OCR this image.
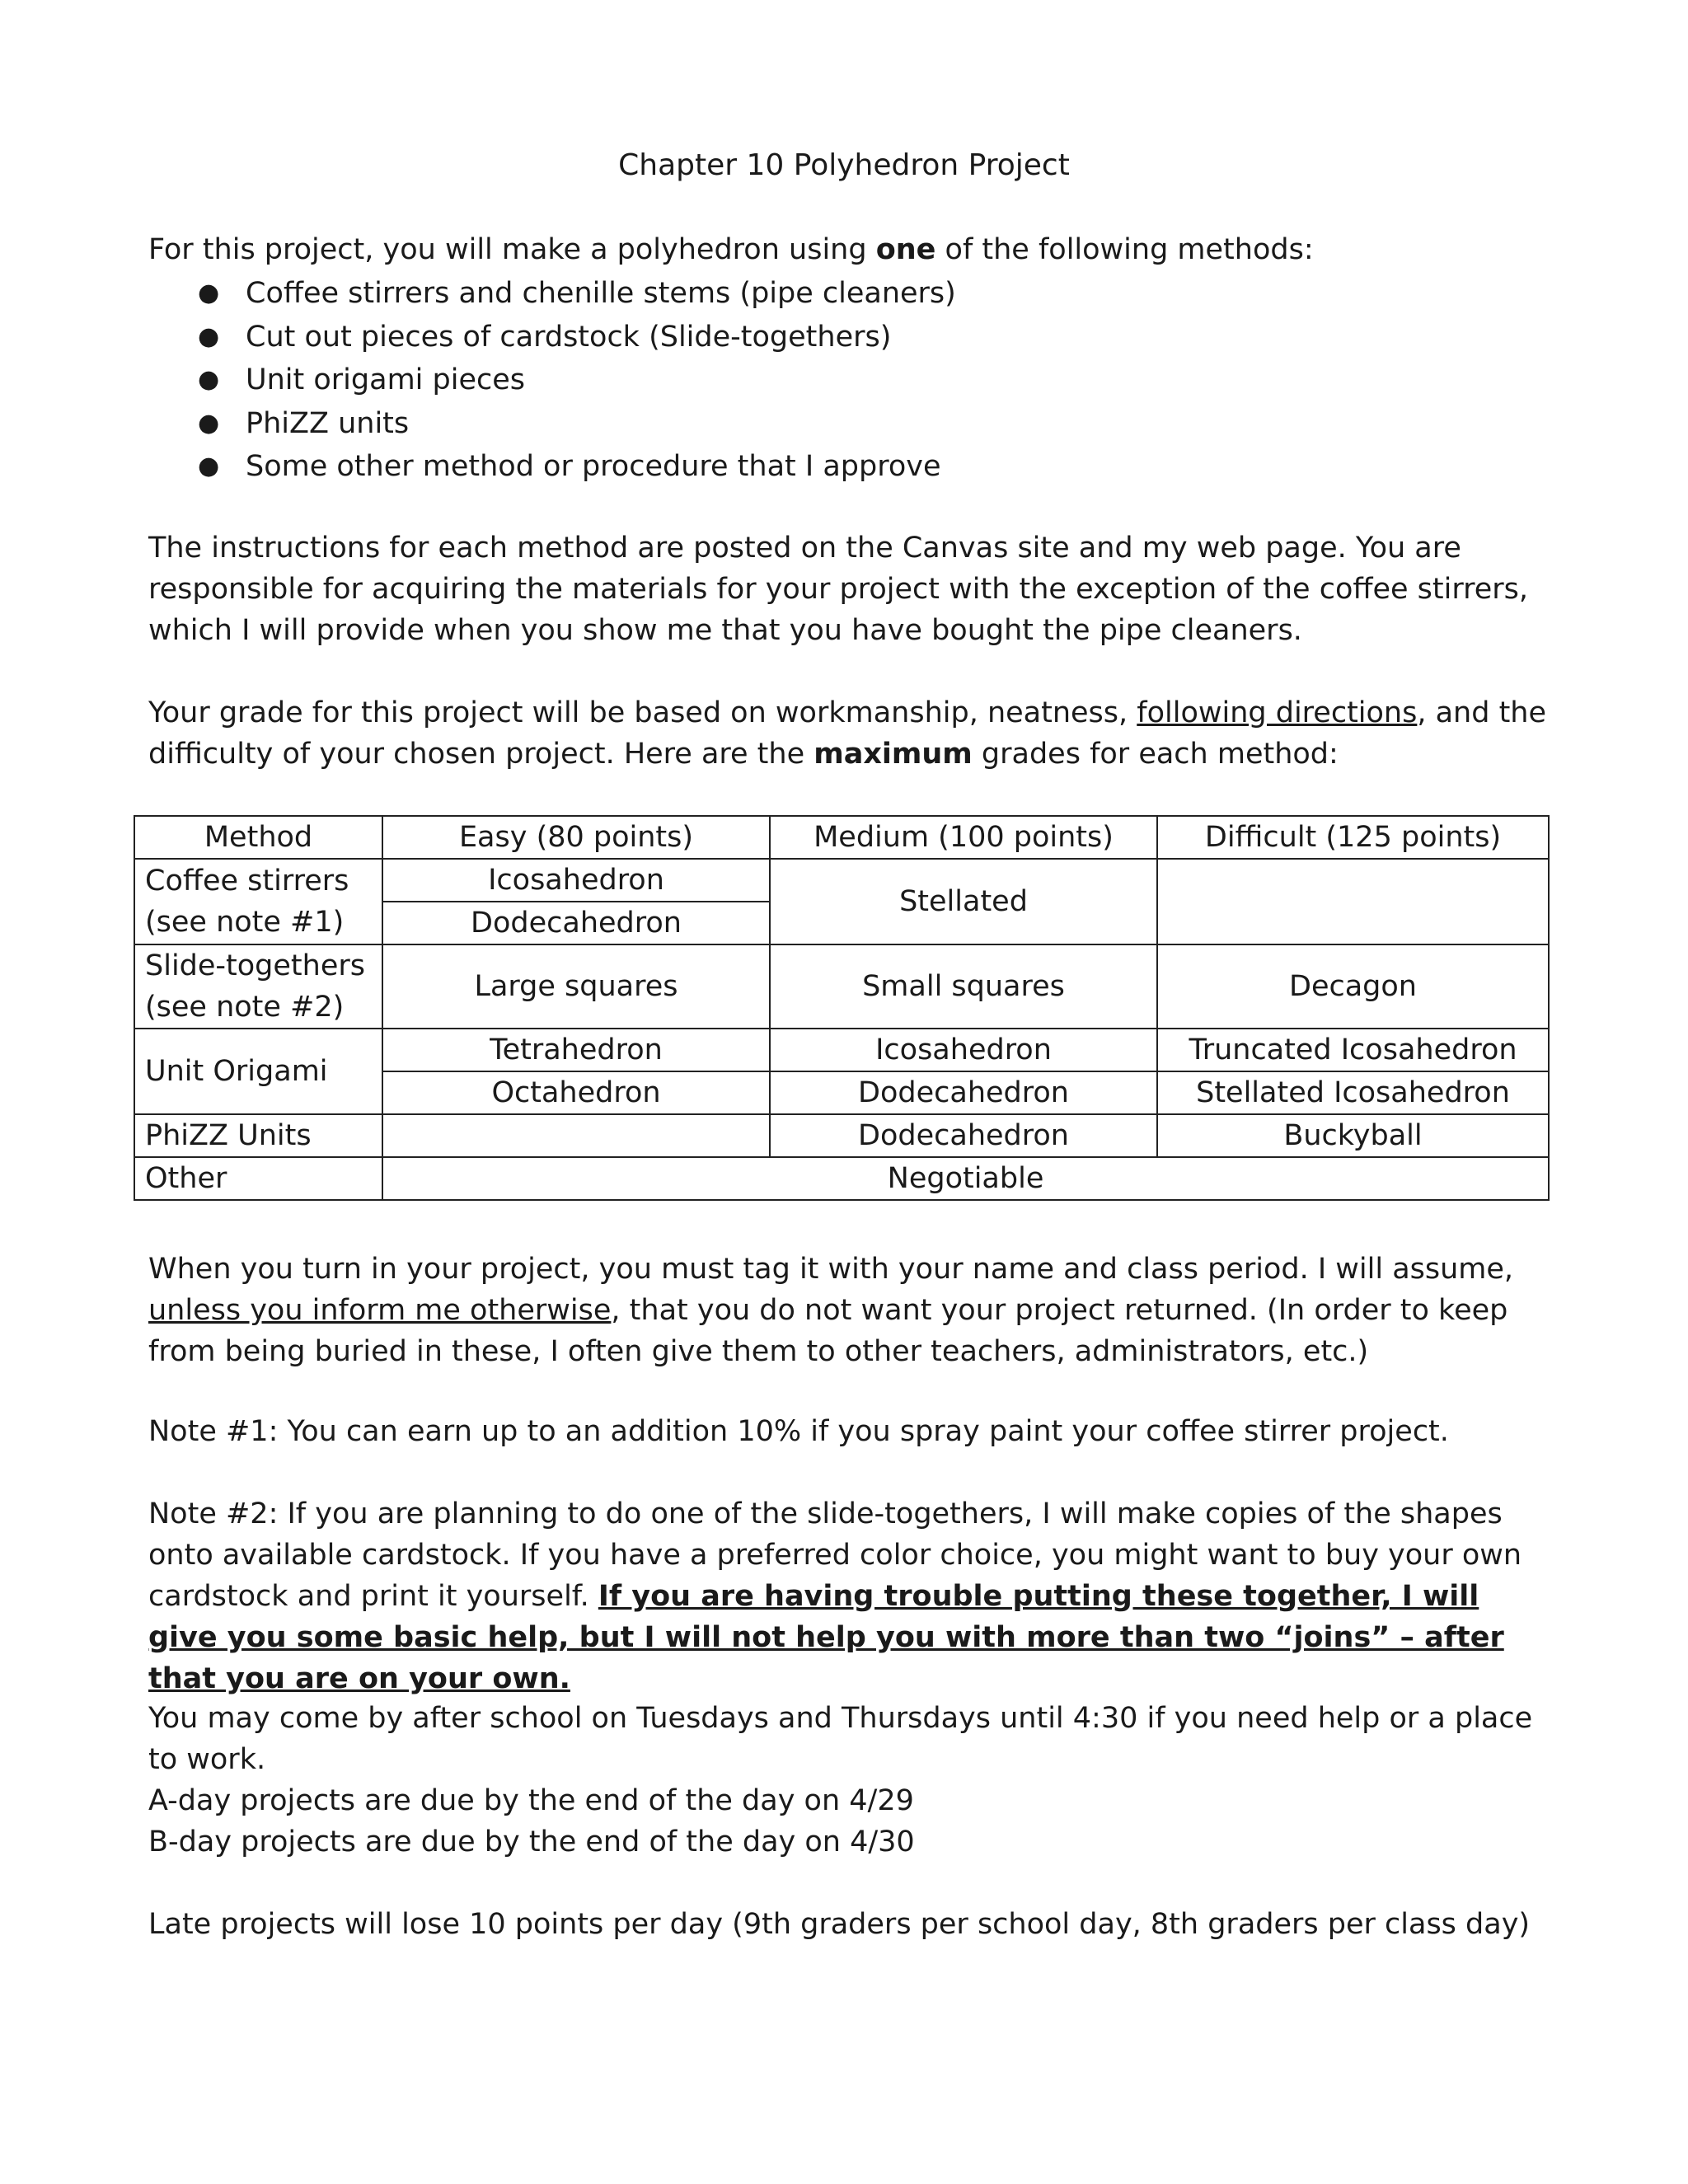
Chapter 10 Polyhedron Project
For this project, you will make a polyhedron using one of the following methods:
● Coffee stirrers and chenille stems (pipe cleaners)
● Cut out pieces of cardstock (Slide-togethers)
● Unit origami pieces
● PhiZZ units
● Some other method or procedure that I approve
The instructions for each method are posted on the Canvas site and my web page. You are responsible for acquiring the materials for your project with the exception of the coffee stirrers, which I will provide when you show me that you have bought the pipe cleaners.
Your grade for this project will be based on workmanship, neatness, following directions, and the difficulty of your chosen project. Here are the maximum grades for each method:
Method	Easy (80 points)	Medium (100 points)	Difficult (125 points)
Coffee stirrers
(see note #1)	Icosahedron	Stellated	
	Dodecahedron		
Slide-togethers
(see note #2)	Large squares	Small squares	Decagon
Unit Origami	Tetrahedron	Icosahedron	Truncated Icosahedron
	Octahedron	Dodecahedron	Stellated Icosahedron
PhiZZ Units		Dodecahedron	Buckyball
Other	Negotiable		
When you turn in your project, you must tag it with your name and class period. I will assume, unless you inform me otherwise, that you do not want your project returned. (In order to keep from being buried in these, I often give them to other teachers, administrators, etc.)
Note #1: You can earn up to an addition 10% if you spray paint your coffee stirrer project.
Note #2: If you are planning to do one of the slide-togethers, I will make copies of the shapes onto available cardstock. If you have a preferred color choice, you might want to buy your own cardstock and print it yourself. If you are having trouble putting these together, I will give you some basic help, but I will not help you with more than two “joins” – after that you are on your own.
You may come by after school on Tuesdays and Thursdays until 4:30 if you need help or a place to work.
A-day projects are due by the end of the day on 4/29
B-day projects are due by the end of the day on 4/30
Late projects will lose 10 points per day (9th graders per school day, 8th graders per class day)
